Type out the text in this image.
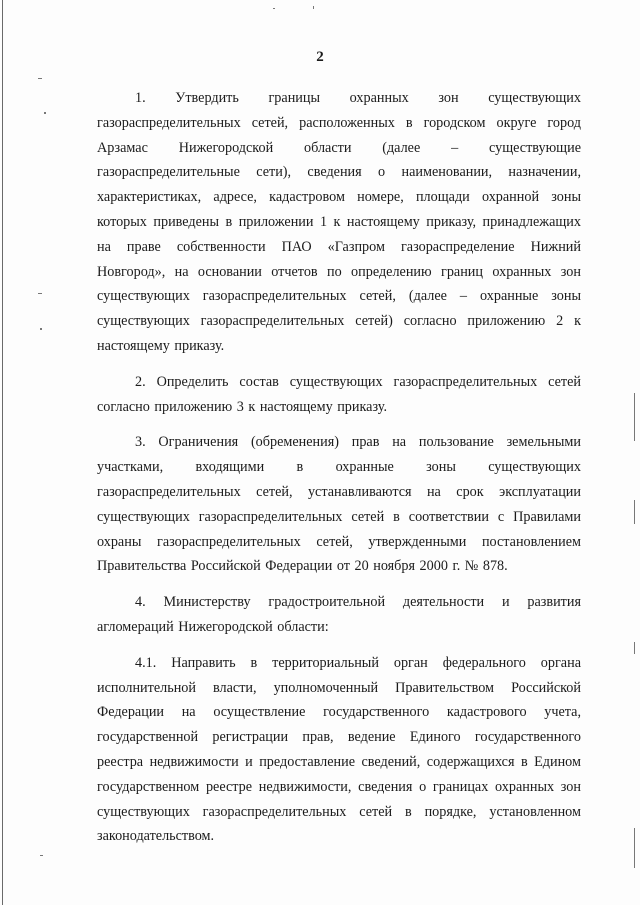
2

1. Утвердить границы охранных зон существующих газораспределительных сетей, расположенных в городском округе город Арзамас Нижегородской области (далее – существующие газораспределительные сети), сведения о наименовании, назначении, характеристиках, адресе, кадастровом номере, площади охранной зоны которых приведены в приложении 1 к настоящему приказу, принадлежащих на праве собственности ПАО «Газпром газораспределение Нижний Новгород», на основании отчетов по определению границ охранных зон существующих газораспределительных сетей, (далее – охранные зоны существующих газораспределительных сетей) согласно приложению 2 к настоящему приказу.

2. Определить состав существующих газораспределительных сетей согласно приложению 3 к настоящему приказу.

3. Ограничения (обременения) прав на пользование земельными участками, входящими в охранные зоны существующих газораспределительных сетей, устанавливаются на срок эксплуатации существующих газораспределительных сетей в соответствии с Правилами охраны газораспределительных сетей, утвержденными постановлением Правительства Российской Федерации от 20 ноября 2000 г. № 878.

4. Министерству градостроительной деятельности и развития агломераций Нижегородской области:

4.1. Направить в территориальный орган федерального органа исполнительной власти, уполномоченный Правительством Российской Федерации на осуществление государственного кадастрового учета, государственной регистрации прав, ведение Единого государственного реестра недвижимости и предоставление сведений, содержащихся в Едином государственном реестре недвижимости, сведения о границах охранных зон существующих газораспределительных сетей в порядке, установленном законодательством.
